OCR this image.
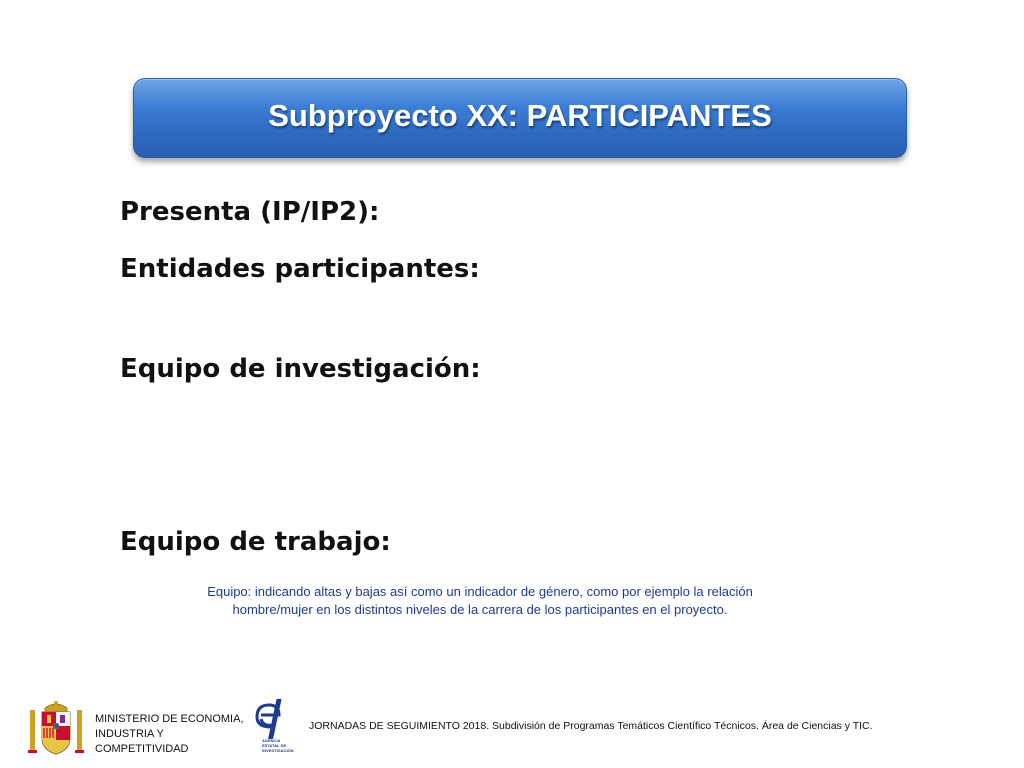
Subproyecto XX: PARTICIPANTES
Presenta (IP/IP2):
Entidades participantes:
Equipo de investigación:
Equipo de trabajo:
Equipo: indicando altas y bajas así como un indicador de género, como por ejemplo la relación
hombre/mujer en los distintos niveles de la carrera de los participantes en el proyecto.
MINISTERIO DE ECONOMIA,
INDUSTRIA Y
COMPETITIVIDAD
AGENCIA
ESTATAL DE
INVESTIGACIÓN
JORNADAS DE SEGUIMIENTO 2018. Subdivisión de Programas Temáticos Científico Técnicos. Área de Ciencias y TIC.
